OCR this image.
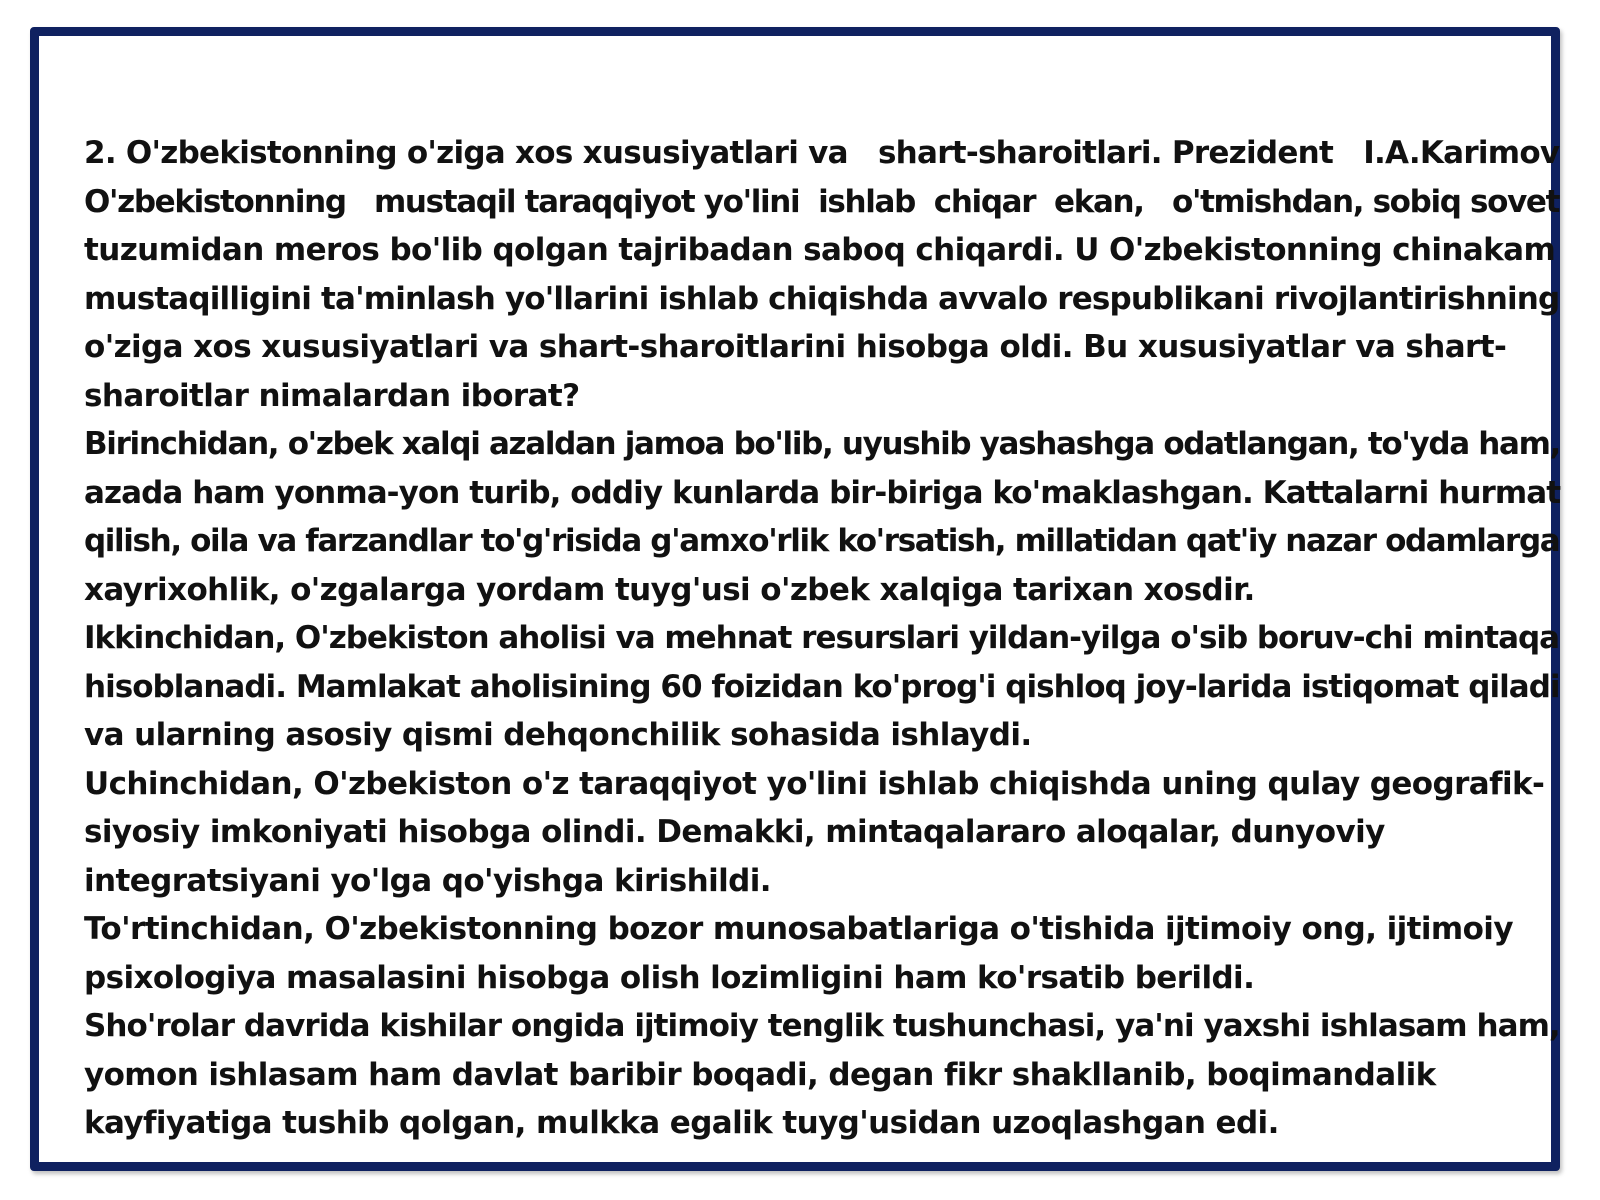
2. O'zbekistonning o'ziga xos xususiyatlari va   shart-sharoitlari. Prezident   I.A.Karimov
O'zbekistonning   mustaqil taraqqiyot yo'lini  ishlab  chiqar  ekan,   o'tmishdan, sobiq sovet
tuzumidan meros bo'lib qolgan tajribadan saboq chiqardi. U O'zbekistonning chinakam
mustaqilligini ta'minlash yo'llarini ishlab chiqishda avvalo respublikani rivojlantirishning
o'ziga xos xususiyatlari va shart-sharoitlarini hisobga oldi. Bu xususiyatlar va shart-
sharoitlar nimalardan iborat?
Birinchidan, o'zbek xalqi azaldan jamoa bo'lib, uyushib yashashga odatlangan, to'yda ham,
azada ham yonma-yon turib, oddiy kunlarda bir-biriga ko'maklashgan. Kattalarni hurmat
qilish, oila va farzandlar to'g'risida g'amxo'rlik ko'rsatish, millatidan qat'iy nazar odamlarga
xayrixohlik, o'zgalarga yordam tuyg'usi o'zbek xalqiga tarixan xosdir.
Ikkinchidan, O'zbekiston aholisi va mehnat resurslari yildan-yilga o'sib boruv-chi mintaqa
hisoblanadi. Mamlakat aholisining 60 foizidan ko'prog'i qishloq joy-larida istiqomat qiladi
va ularning asosiy qismi dehqonchilik sohasida ishlaydi.
Uchinchidan, O'zbekiston o'z taraqqiyot yo'lini ishlab chiqishda uning qulay geografik-
siyosiy imkoniyati hisobga olindi. Demakki, mintaqalararo aloqalar, dunyoviy
integratsiyani yo'lga qo'yishga kirishildi.
To'rtinchidan, O'zbekistonning bozor munosabatlariga o'tishida ijtimoiy ong, ijtimoiy
psixologiya masalasini hisobga olish lozimligini ham ko'rsatib berildi.
Sho'rolar davrida kishilar ongida ijtimoiy tenglik tushunchasi, ya'ni yaxshi ishlasam ham,
yomon ishlasam ham davlat baribir boqadi, degan fikr shakllanib, boqimandalik
kayfiyatiga tushib qolgan, mulkka egalik tuyg'usidan uzoqlashgan edi.
